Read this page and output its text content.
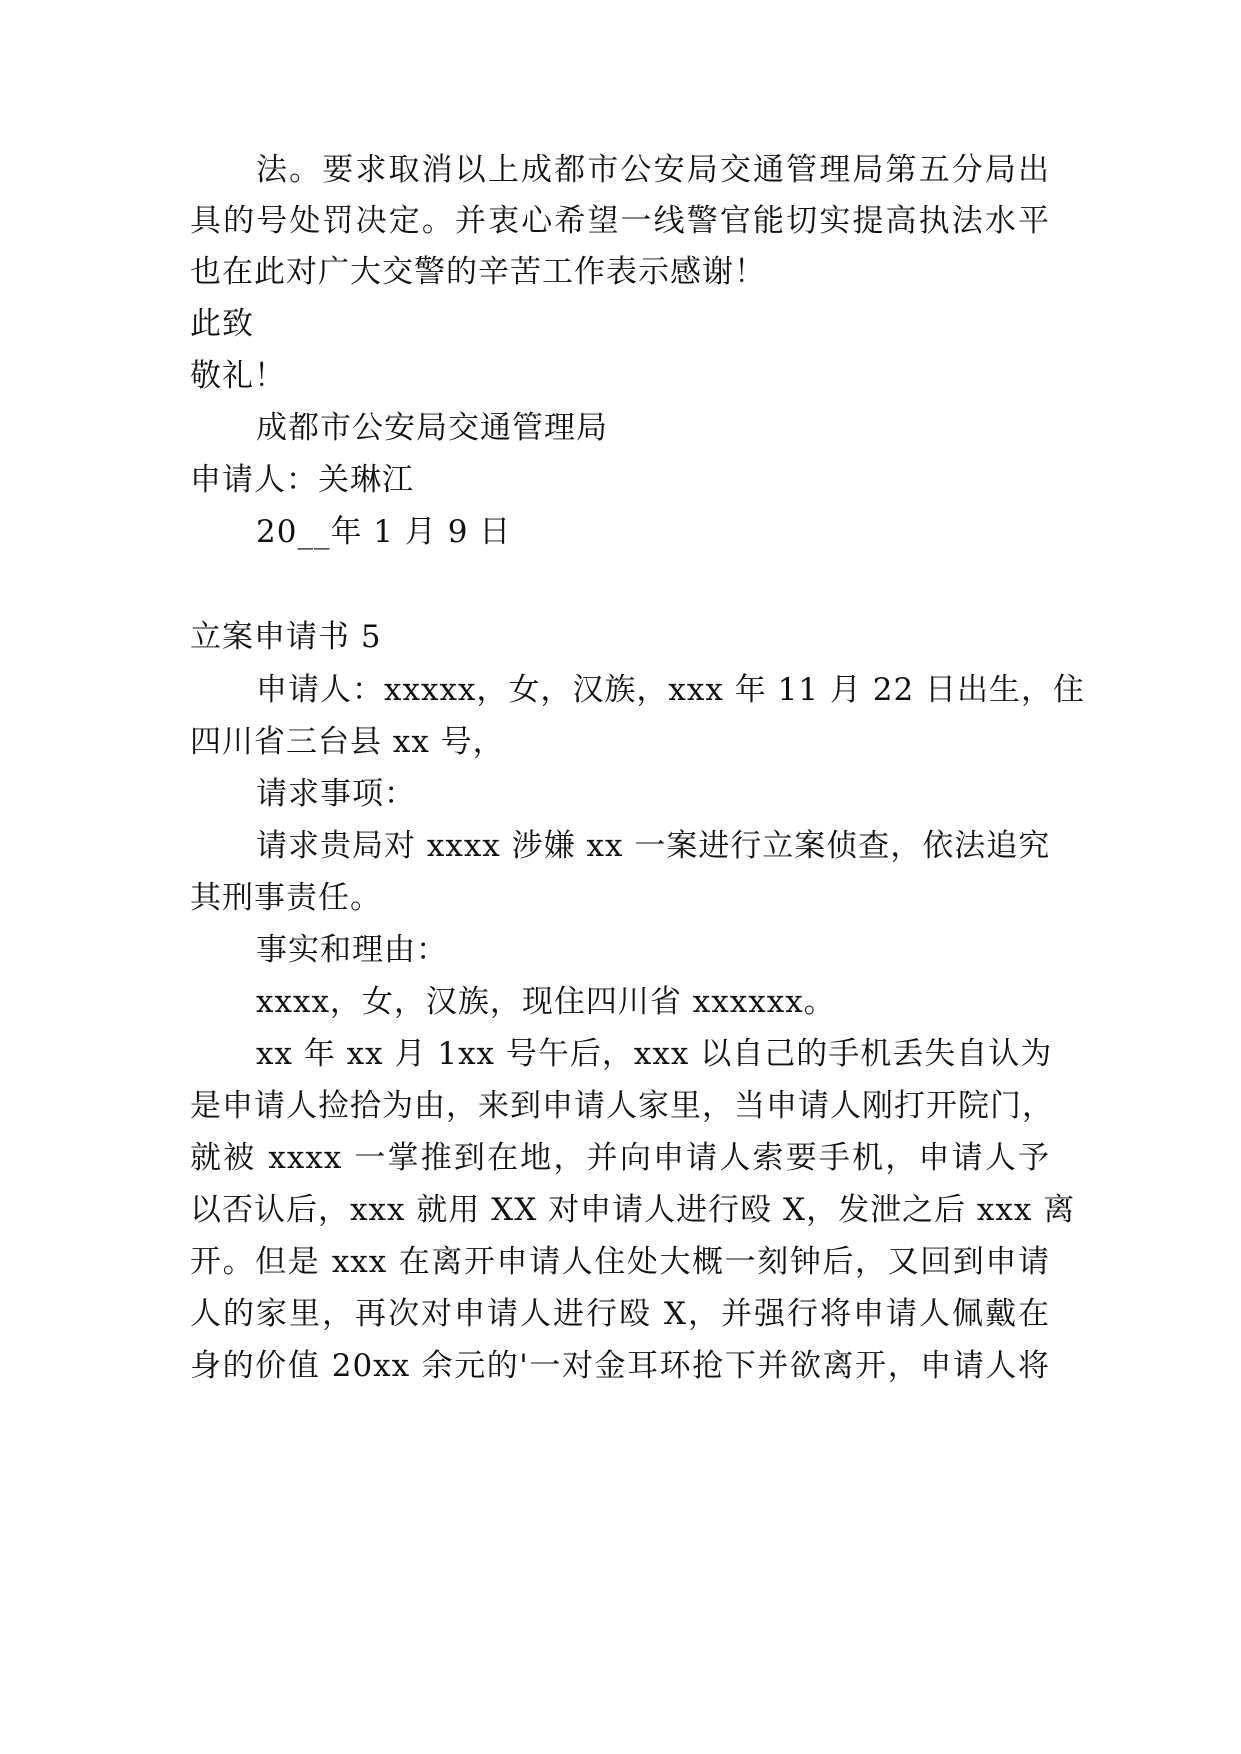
法。要求取消以上成都市公安局交通管理局第五分局出
具的号处罚决定。并衷心希望一线警官能切实提高执法水平
也在此对广大交警的辛苦工作表示感谢！
此致
敬礼！
成都市公安局交通管理局
申请人：关琳江
20__年 1 月 9 日
立案申请书 5
申请人：xxxxx，女，汉族，xxx 年 11 月 22 日出生，住
四川省三台县 xx 号，
请求事项：
请求贵局对 xxxx 涉嫌 xx 一案进行立案侦查，依法追究
其刑事责任。
事实和理由：
xxxx，女，汉族，现住四川省 xxxxxx。
xx 年 xx 月 1xx 号午后，xxx 以自己的手机丢失自认为
是申请人捡拾为由，来到申请人家里，当申请人刚打开院门，
就被 xxxx 一掌推到在地，并向申请人索要手机，申请人予
以否认后，xxx 就用 XX 对申请人进行殴 X，发泄之后 xxx 离
开。但是 xxx 在离开申请人住处大概一刻钟后，又回到申请
人的家里，再次对申请人进行殴 X，并强行将申请人佩戴在
身的价值 20xx 余元的'一对金耳环抢下并欲离开，申请人将
